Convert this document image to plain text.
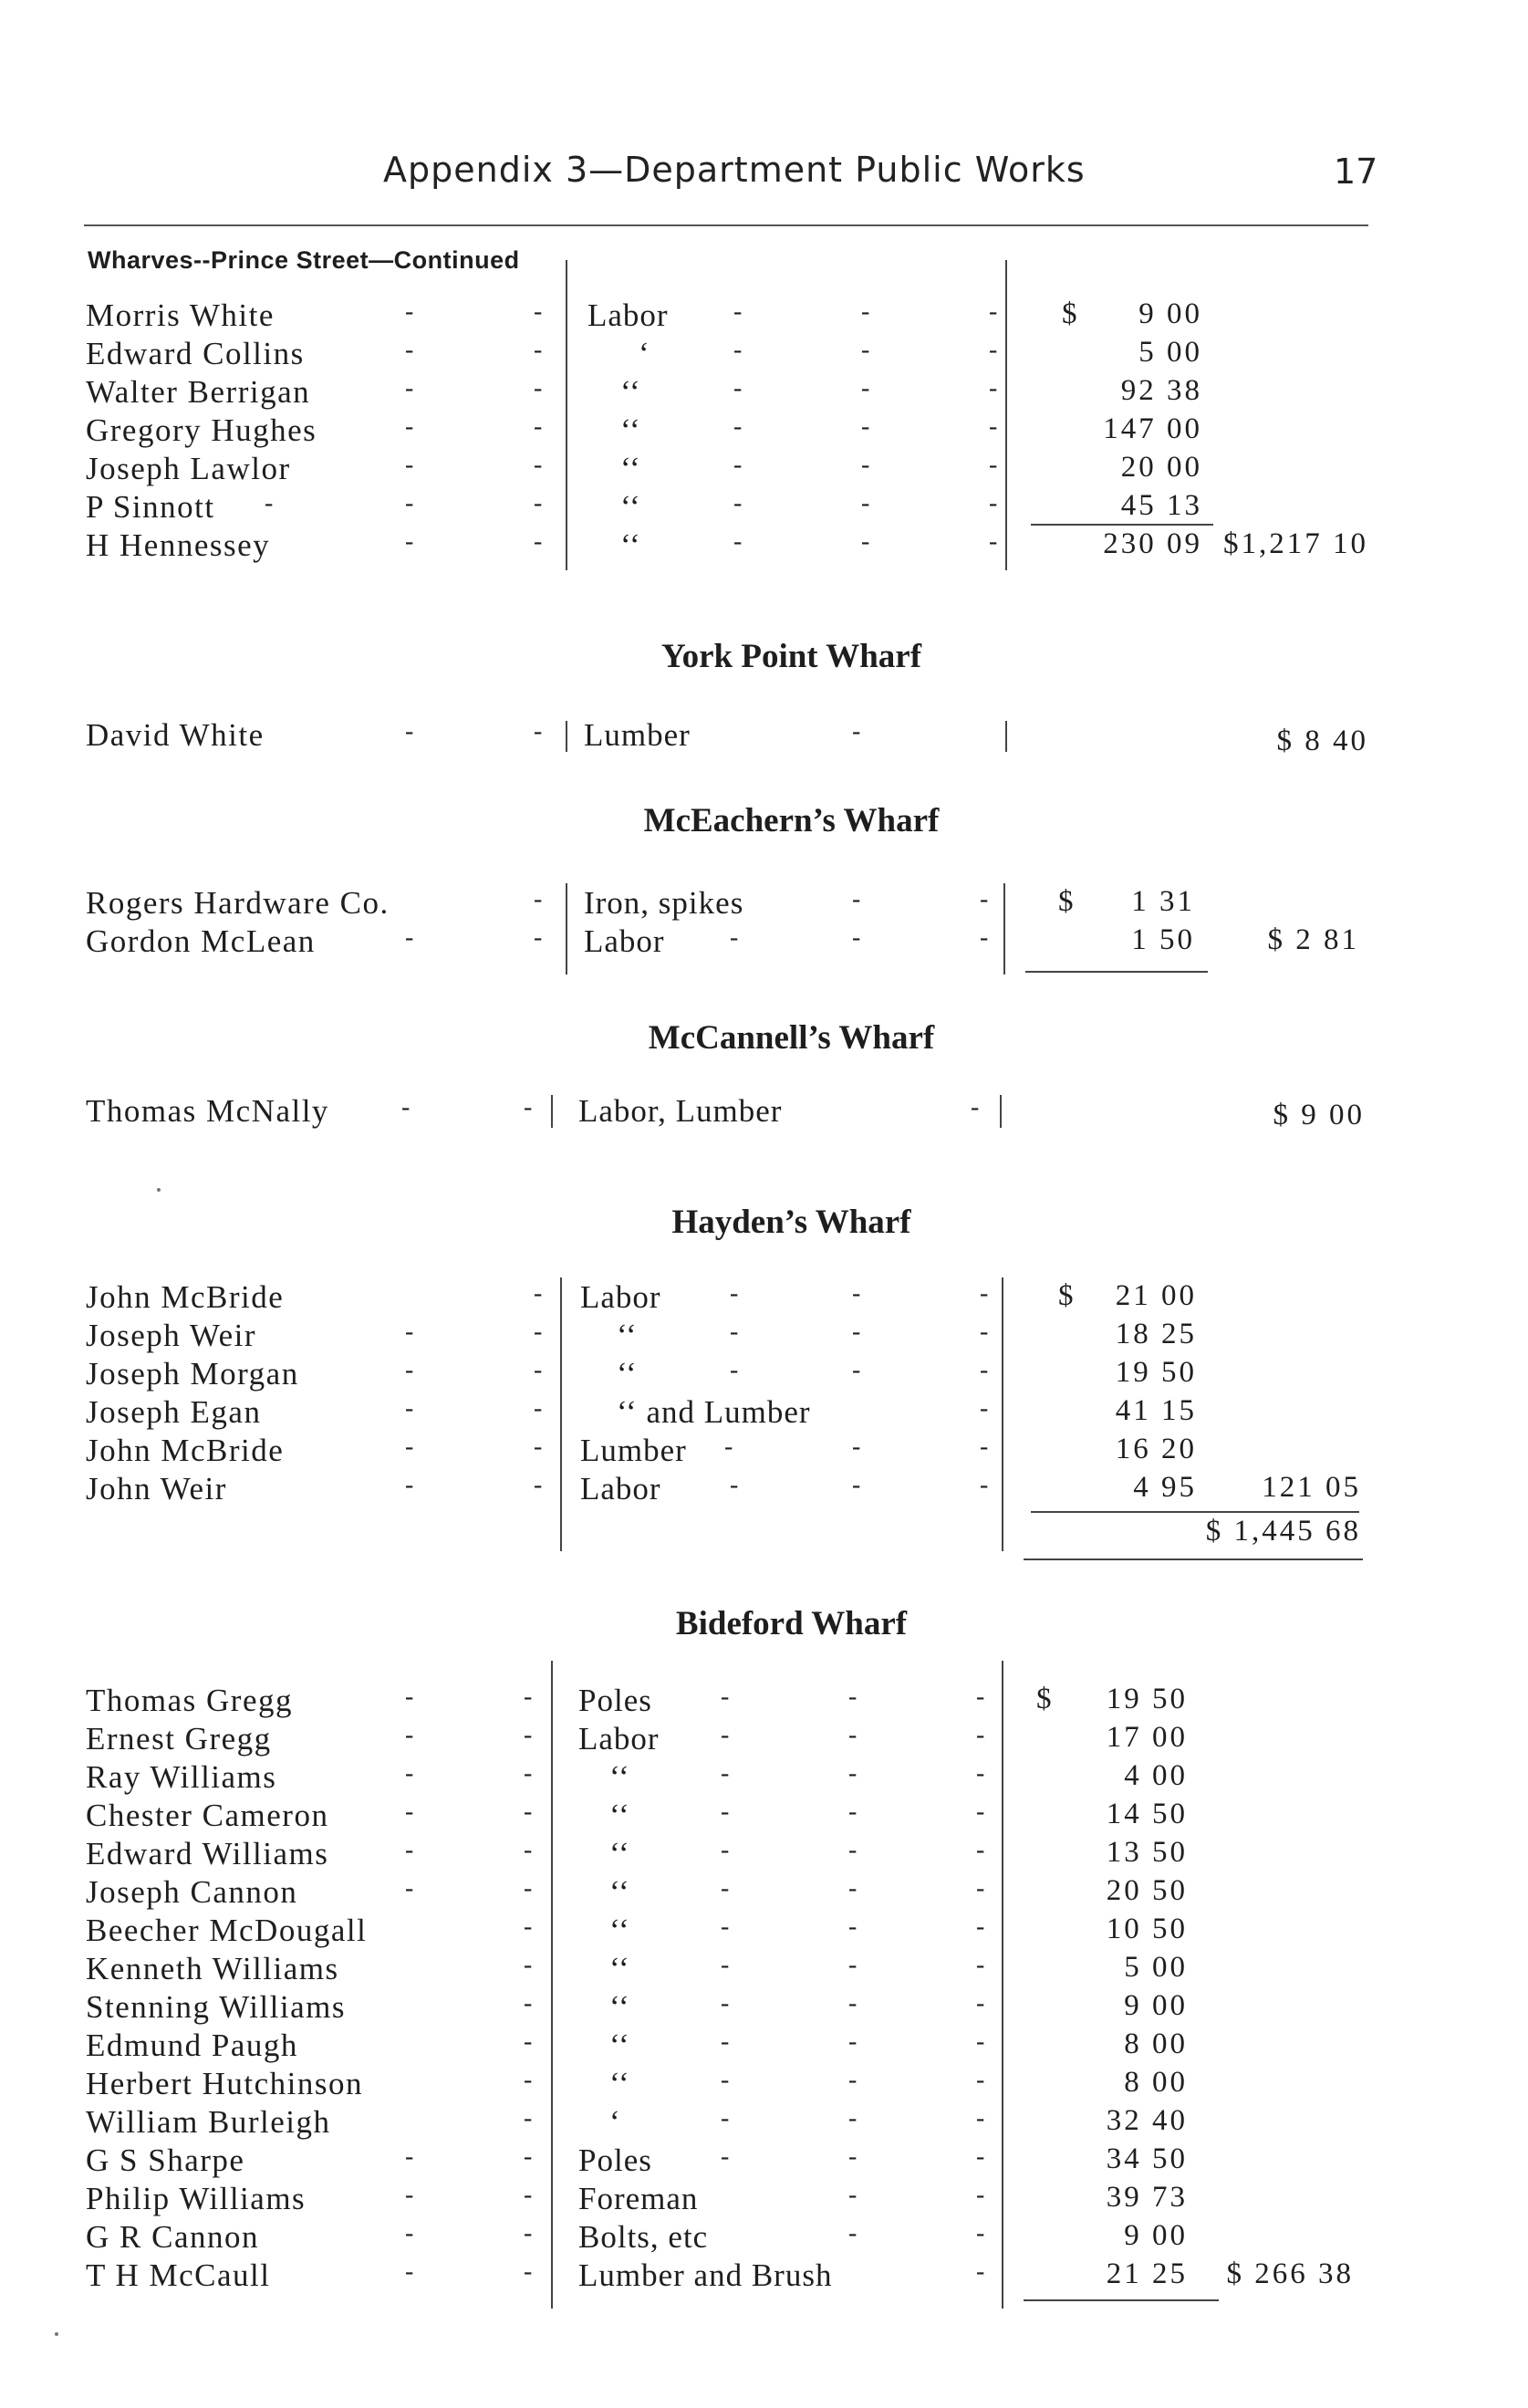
Appendix 3—Department Public Works	17
Wharves--Prince Street—Continued
Morris White	-	- Labor	-	-	- $	9 00
Edward Collins	-	-	‘	-	-	-	5 00
Walter Berrigan	-	- ‘‘	-	-	-	92 38
Gregory Hughes	-	- ‘‘	-	-	-	147 00
Joseph Lawlor	-	- ‘‘	-	-	-	20 00
P Sinnott -	-	- ‘‘	-	-	-	45 13
H Hennessey	-	- ‘‘	-	-	-	230 09 $1,217 10
York Point Wharf
David White	-	- Lumber	-	$ 8 40
McEachern’s Wharf
Rogers Hardware Co.	- Iron, spikes	-	- $	1 31
Gordon McLean	-	- Labor	-	-	-	1 50	$ 2 81
McCannell’s Wharf
Thomas McNally	-	- Labor, Lumber	-	$ 9 00
Hayden’s Wharf
John McBride	- Labor	-	-	- $	21 00
Joseph Weir	-	- ‘‘	-	-	-	18 25
Joseph Morgan	-	- ‘‘	-	-	-	19 50
Joseph Egan	-	- ‘‘ and Lumber	-	41 15
John McBride	-	- Lumber -	-	-	16 20
John Weir	-	- Labor	-	-	-	4 95	121 05
$ 1,445 68
Bideford Wharf
Thomas Gregg	-	- Poles	-	-	- $	19 50
Ernest Gregg	-	- Labor -	-	-	17 00
Ray Williams	-	- ‘‘	-	-	-	4 00
Chester Cameron	-	- ‘‘	-	-	-	14 50
Edward Williams	-	- ‘‘	-	-	-	13 50
Joseph Cannon	-	- ‘‘	-	-	-	20 50
Beecher McDougall	- ‘‘	-	-	-	10 50
Kenneth Williams	- ‘‘	-	-	-	5 00
Stenning Williams	- ‘‘	-	-	-	9 00
Edmund Paugh	- ‘‘	-	-	-	8 00
Herbert Hutchinson	- ‘‘	-	-	-	8 00
William Burleigh	- ‘	-	-	-	32 40
G S Sharpe	-	- Poles	-	-	-	34 50
Philip Williams	-	- Foreman	-	-	39 73
G R Cannon	-	- Bolts, etc	-	-	9 00
T H McCaull	-	- Lumber and Brush	-	21 25	$ 266 38
